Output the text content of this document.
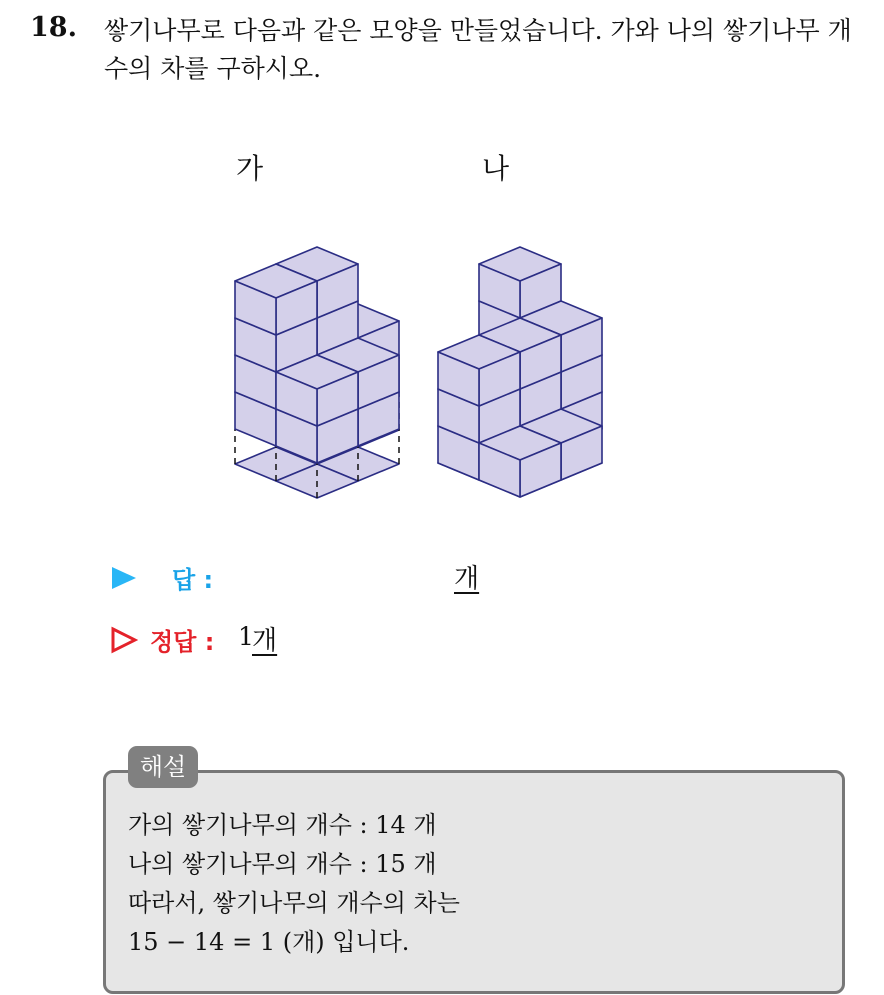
18. 쌓기나무로 다음과 같은 모양을 만들었습니다. 가와 나의 쌓기나무 개수의 차를 구하시오.
가	나
답 :	개
정답 : 1
개
해설
가의 쌓기나무의 개수 : 14 개
나의 쌓기나무의 개수 : 15 개
따라서, 쌓기나무의 개수의 차는
15 − 14 = 1 (개) 입니다.
